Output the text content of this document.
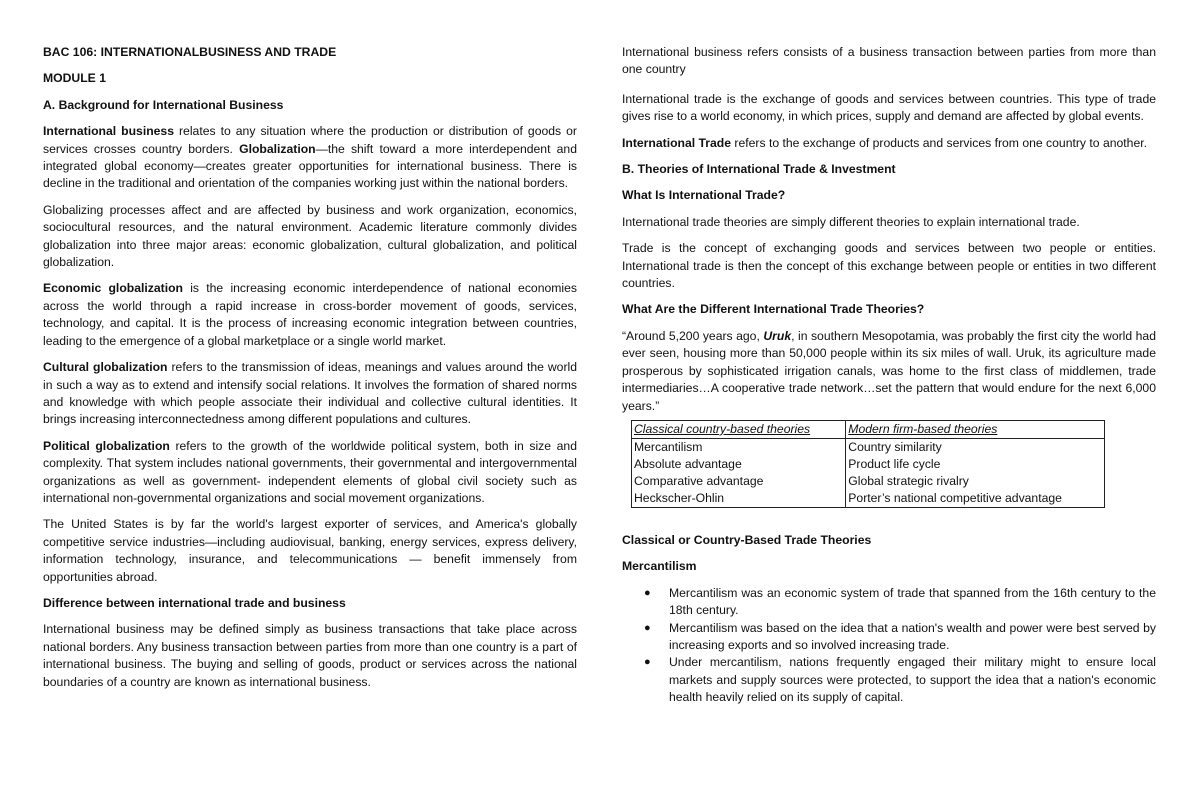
BAC 106: INTERNATIONALBUSINESS AND TRADE
MODULE 1
A. Background for International Business

International business relates to any situation where the production or distribution of goods or services crosses country borders. Globalization—the shift toward a more interdependent and integrated global economy—creates greater opportunities for international business. There is decline in the traditional and orientation of the companies working just within the national borders.

Globalizing processes affect and are affected by business and work organization, economics, sociocultural resources, and the natural environment. Academic literature commonly divides globalization into three major areas: economic globalization, cultural globalization, and political globalization.

Economic globalization is the increasing economic interdependence of national economies across the world through a rapid increase in cross-border movement of goods, services, technology, and capital. It is the process of increasing economic integration between countries, leading to the emergence of a global marketplace or a single world market.

Cultural globalization refers to the transmission of ideas, meanings and values around the world in such a way as to extend and intensify social relations. It involves the formation of shared norms and knowledge with which people associate their individual and collective cultural identities. It brings increasing interconnectedness among different populations and cultures.

Political globalization refers to the growth of the worldwide political system, both in size and complexity. That system includes national governments, their governmental and intergovernmental organizations as well as government- independent elements of global civil society such as international non-governmental organizations and social movement organizations.

The United States is by far the world's largest exporter of services, and America's globally competitive service industries—including audiovisual, banking, energy services, express delivery, information technology, insurance, and telecommunications — benefit immensely from opportunities abroad.

Difference between international trade and business

International business may be defined simply as business transactions that take place across national borders. Any business transaction between parties from more than one country is a part of international business. The buying and selling of goods, product or services across the national boundaries of a country are known as international business.

International business refers consists of a business transaction between parties from more than one country

International trade is the exchange of goods and services between countries. This type of trade gives rise to a world economy, in which prices, supply and demand are affected by global events.

International Trade refers to the exchange of products and services from one country to another.

B. Theories of International Trade & Investment
What Is International Trade?

International trade theories are simply different theories to explain international trade.

Trade is the concept of exchanging goods and services between two people or entities. International trade is then the concept of this exchange between people or entities in two different countries.

What Are the Different International Trade Theories?

“Around 5,200 years ago, Uruk, in southern Mesopotamia, was probably the first city the world had ever seen, housing more than 50,000 people within its six miles of wall. Uruk, its agriculture made prosperous by sophisticated irrigation canals, was home to the first class of middlemen, trade intermediaries…A cooperative trade network…set the pattern that would endure for the next 6,000 years.”

Classical country-based theories	Modern firm-based theories
Mercantilism	Country similarity
Absolute advantage	Product life cycle
Comparative advantage	Global strategic rivalry
Heckscher-Ohlin	Porter’s national competitive advantage
Classical or Country-Based Trade Theories
Mercantilism
● Mercantilism was an economic system of trade that spanned from the 16th century to the 18th century.
● Mercantilism was based on the idea that a nation's wealth and power were best served by increasing exports and so involved increasing trade.
● Under mercantilism, nations frequently engaged their military might to ensure local markets and supply sources were protected, to support the idea that a nation's economic health heavily relied on its supply of capital.
